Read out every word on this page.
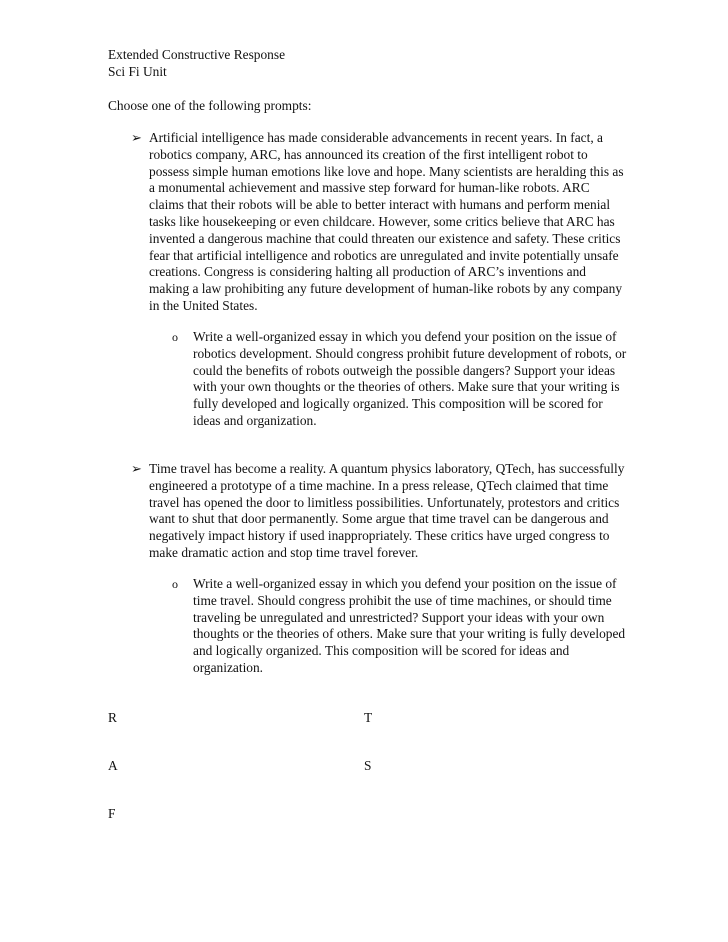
Extended Constructive Response
Sci Fi Unit
Choose one of the following prompts:
➢ Artificial intelligence has made considerable advancements in recent years. In fact, a robotics company, ARC, has announced its creation of the first intelligent robot to possess simple human emotions like love and hope. Many scientists are heralding this as a monumental achievement and massive step forward for human-like robots. ARC claims that their robots will be able to better interact with humans and perform menial tasks like housekeeping or even childcare. However, some critics believe that ARC has invented a dangerous machine that could threaten our existence and safety. These critics fear that artificial intelligence and robotics are unregulated and invite potentially unsafe creations. Congress is considering halting all production of ARC’s inventions and making a law prohibiting any future development of human-like robots by any company in the United States.
o Write a well-organized essay in which you defend your position on the issue of robotics development. Should congress prohibit future development of robots, or could the benefits of robots outweigh the possible dangers? Support your ideas with your own thoughts or the theories of others. Make sure that your writing is fully developed and logically organized. This composition will be scored for ideas and organization.
➢ Time travel has become a reality. A quantum physics laboratory, QTech, has successfully engineered a prototype of a time machine. In a press release, QTech claimed that time travel has opened the door to limitless possibilities. Unfortunately, protestors and critics want to shut that door permanently. Some argue that time travel can be dangerous and negatively impact history if used inappropriately. These critics have urged congress to make dramatic action and stop time travel forever.
o Write a well-organized essay in which you defend your position on the issue of time travel. Should congress prohibit the use of time machines, or should time traveling be unregulated and unrestricted? Support your ideas with your own thoughts or the theories of others. Make sure that your writing is fully developed and logically organized. This composition will be scored for ideas and organization.
R	T
A	S
F
